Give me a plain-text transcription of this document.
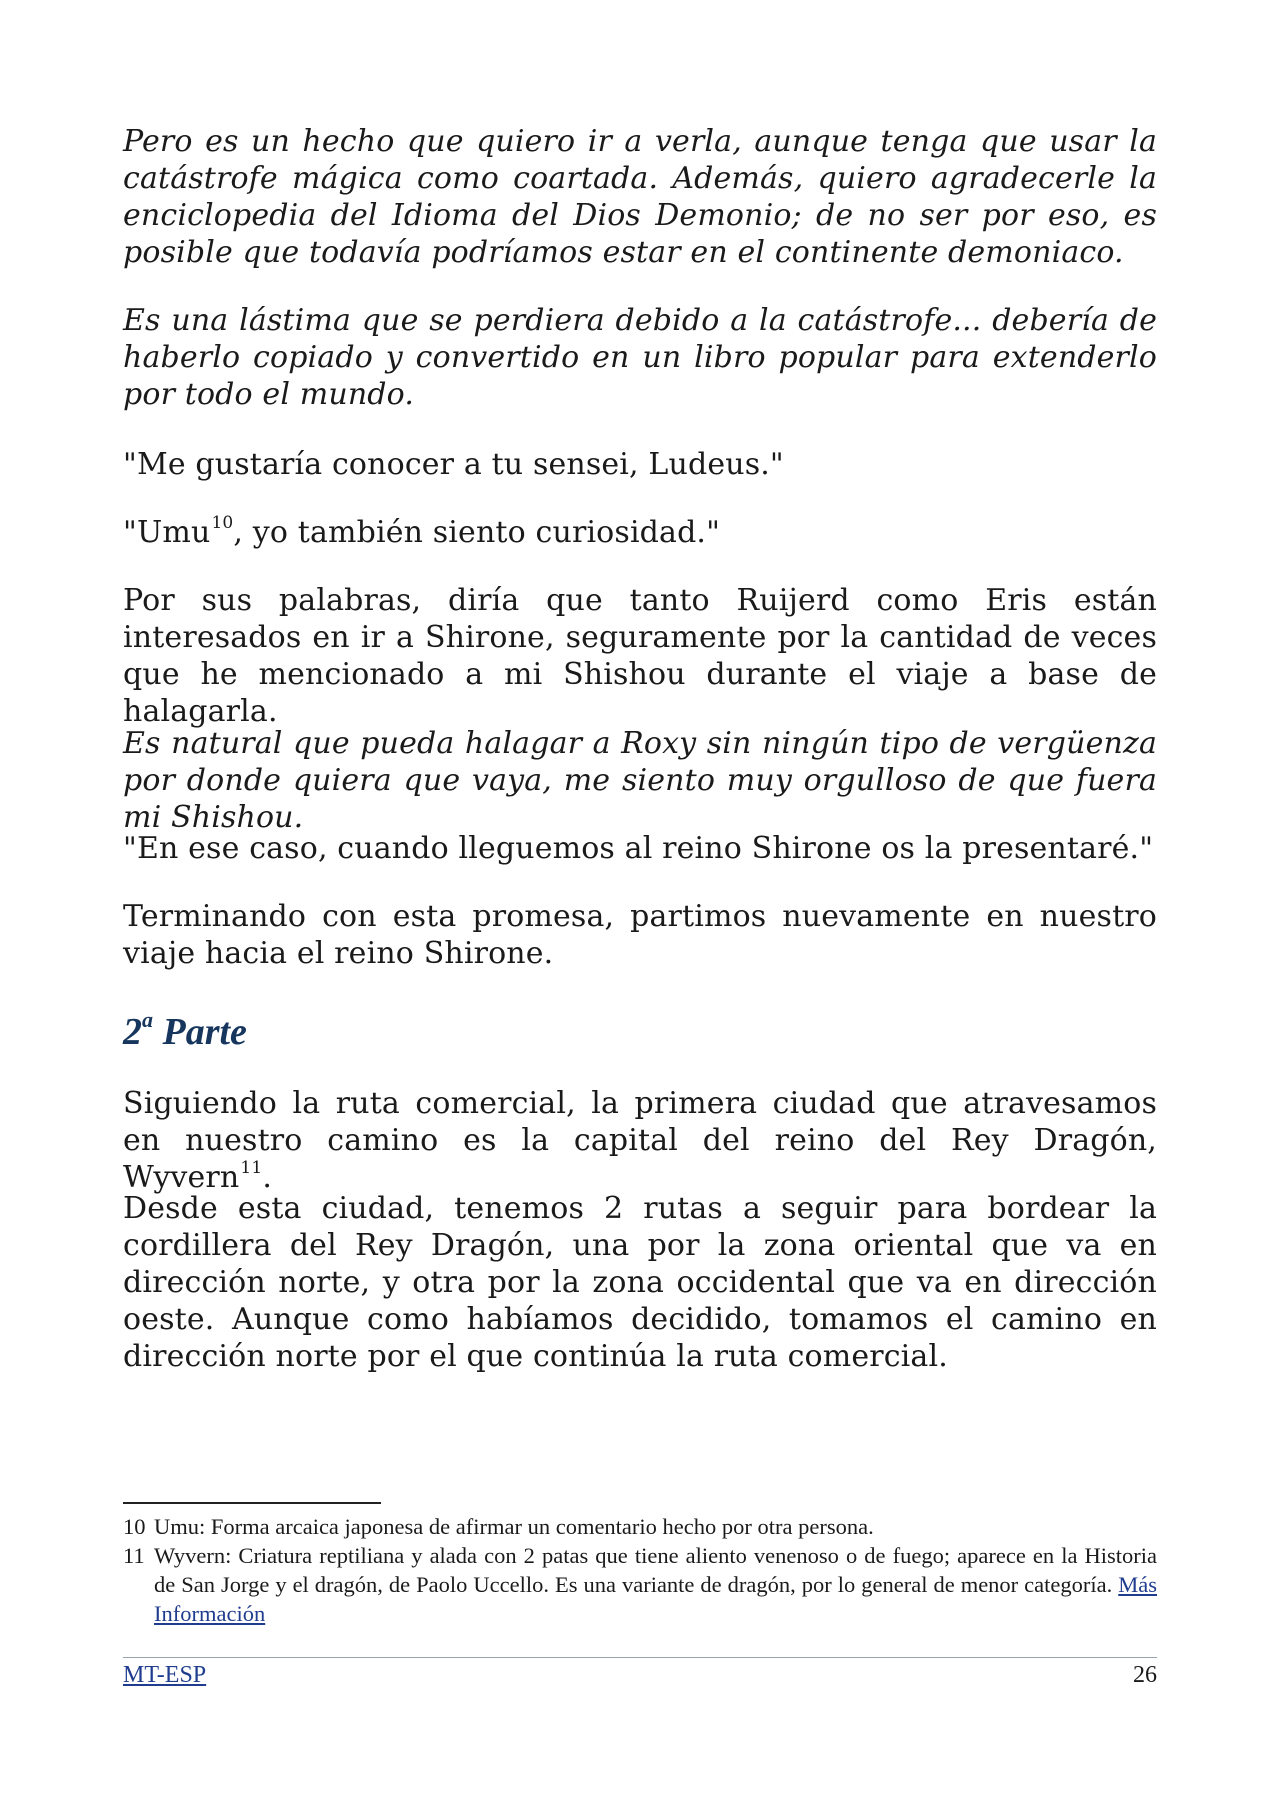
Pero es un hecho que quiero ir a verla, aunque tenga que usar la catástrofe mágica como coartada. Además, quiero agradecerle la enciclopedia del Idioma del Dios Demonio; de no ser por eso, es posible que todavía podríamos estar en el continente demoniaco.

Es una lástima que se perdiera debido a la catástrofe... debería de haberlo copiado y convertido en un libro popular para extenderlo por todo el mundo.

"Me gustaría conocer a tu sensei, Ludeus."

"Umu$^{10}$, yo también siento curiosidad."

Por sus palabras, diría que tanto Ruijerd como Eris están interesados en ir a Shirone, seguramente por la cantidad de veces que he mencionado a mi Shishou durante el viaje a base de halagarla.

Es natural que pueda halagar a Roxy sin ningún tipo de vergüenza por donde quiera que vaya, me siento muy orgulloso de que fuera mi Shishou.

"En ese caso, cuando lleguemos al reino Shirone os la presentaré."

Terminando con esta promesa, partimos nuevamente en nuestro viaje hacia el reino Shirone.

2$^a$ Parte

Siguiendo la ruta comercial, la primera ciudad que atravesamos en nuestro camino es la capital del reino del Rey Dragón, Wyvern$^{11}$.

Desde esta ciudad, tenemos 2 rutas a seguir para bordear la cordillera del Rey Dragón, una por la zona oriental que va en dirección norte, y otra por la zona occidental que va en dirección oeste. Aunque como habíamos decidido, tomamos el camino en dirección norte por el que continúa la ruta comercial.

10 Umu: Forma arcaica japonesa de afirmar un comentario hecho por otra persona.

11 Wyvern: Criatura reptiliana y alada con 2 patas que tiene aliento venenoso o de fuego; aparece en la Historia de San Jorge y el dragón, de Paolo Uccello. Es una variante de dragón, por lo general de menor categoría. Más Información
MT-ESP	26
